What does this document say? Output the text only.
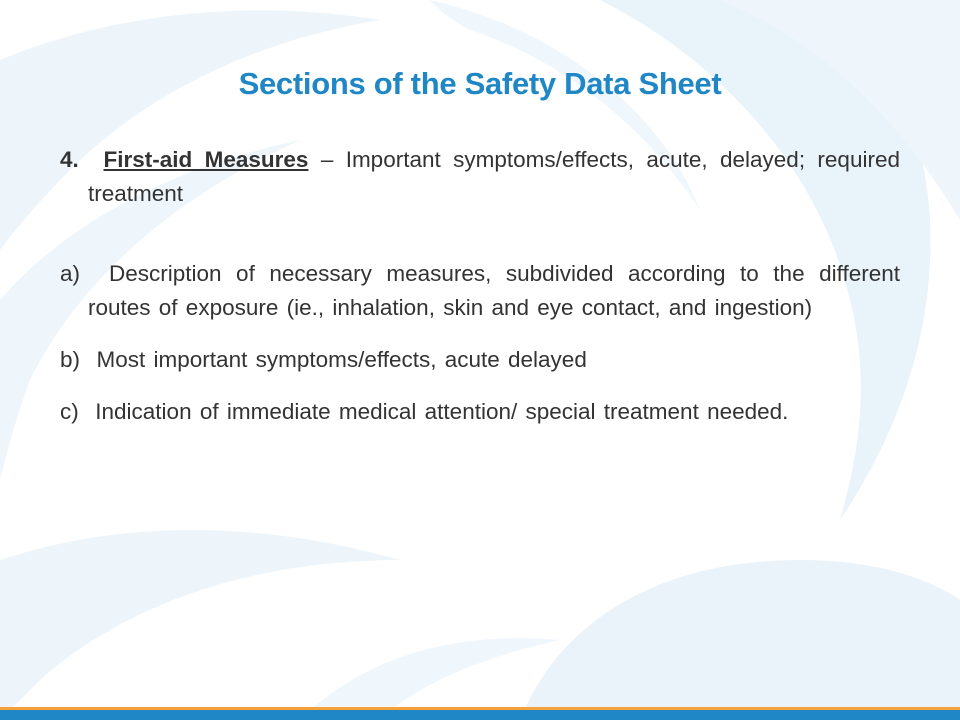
Sections of the Safety Data Sheet

4. First-aid Measures – Important symptoms/effects, acute, delayed; required treatment

a) Description of necessary measures, subdivided according to the different routes of exposure (ie., inhalation, skin and eye contact, and ingestion)

b) Most important symptoms/effects, acute delayed

c) Indication of immediate medical attention/ special treatment needed.
